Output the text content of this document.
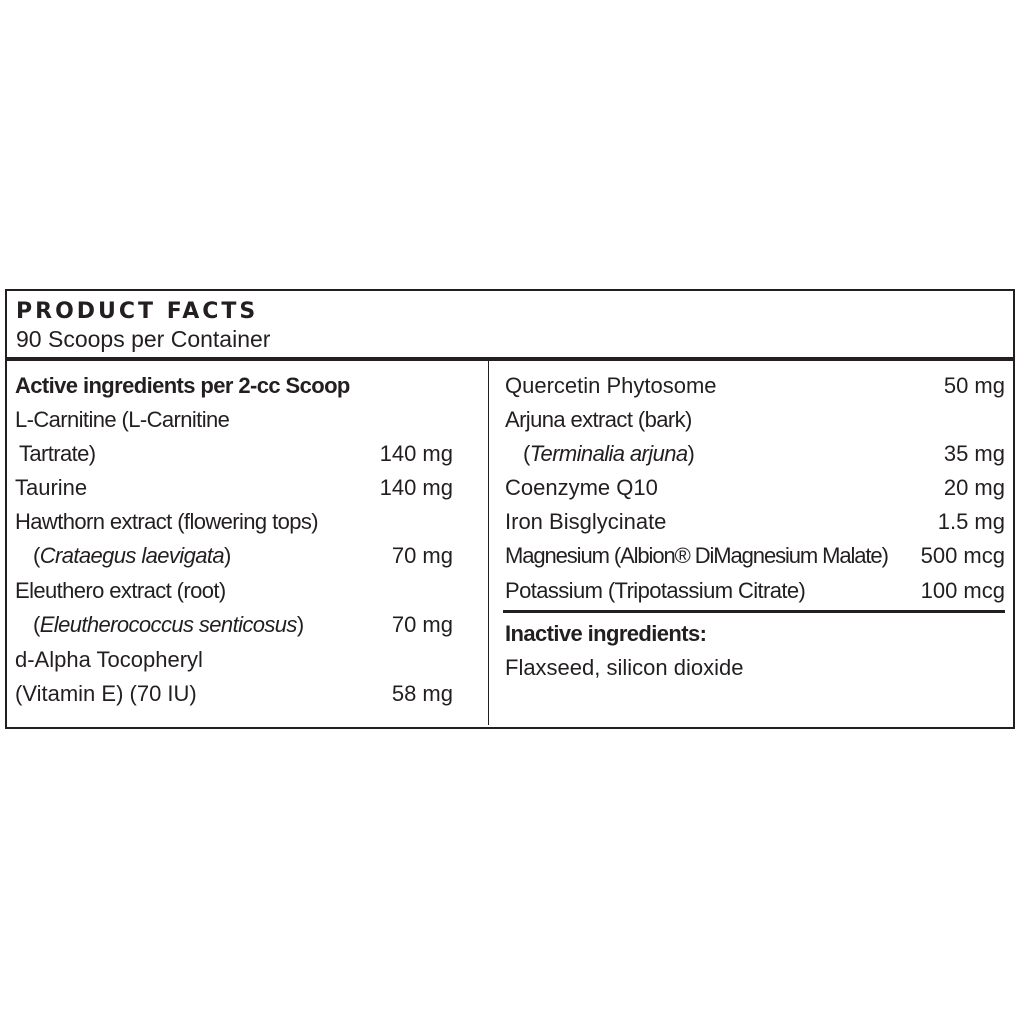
PRODUCT FACTS
90 Scoops per Container
Active ingredients per 2-cc Scoop
L-Carnitine (L-Carnitine
Tartrate)	140 mg
Taurine	140 mg
Hawthorn extract (flowering tops)
(Crataegus laevigata)	70 mg
Eleuthero extract (root)
(Eleutherococcus senticosus)	70 mg
d-Alpha Tocopheryl
(Vitamin E) (70 IU)	58 mg
Quercetin Phytosome	50 mg
Arjuna extract (bark)
(Terminalia arjuna)	35 mg
Coenzyme Q10	20 mg
Iron Bisglycinate	1.5 mg
Magnesium (Albion® DiMagnesium Malate) 500 mcg
Potassium (Tripotassium Citrate)	100 mcg
Inactive ingredients:
Flaxseed, silicon dioxide
